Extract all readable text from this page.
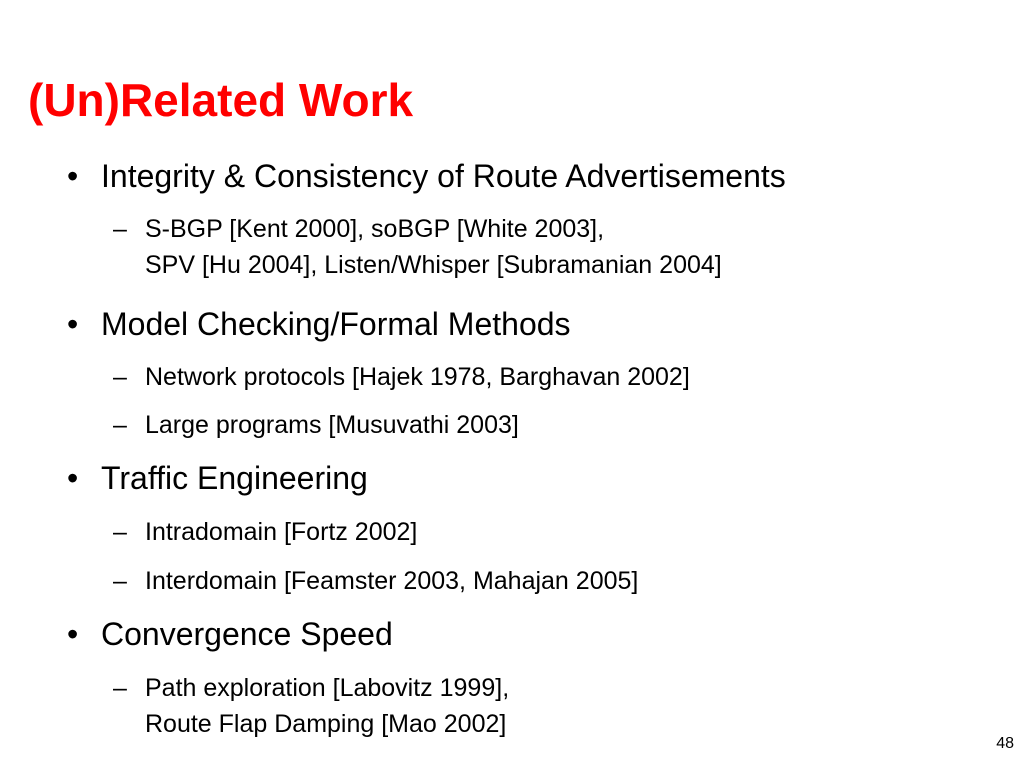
(Un)Related Work
• Integrity & Consistency of Route Advertisements
– S-BGP [Kent 2000], soBGP [White 2003],
SPV [Hu 2004], Listen/Whisper [Subramanian 2004]
• Model Checking/Formal Methods
– Network protocols [Hajek 1978, Barghavan 2002]
– Large programs [Musuvathi 2003]
• Traffic Engineering
– Intradomain [Fortz 2002]
– Interdomain [Feamster 2003, Mahajan 2005]
• Convergence Speed
– Path exploration [Labovitz 1999],
Route Flap Damping [Mao 2002]
48
